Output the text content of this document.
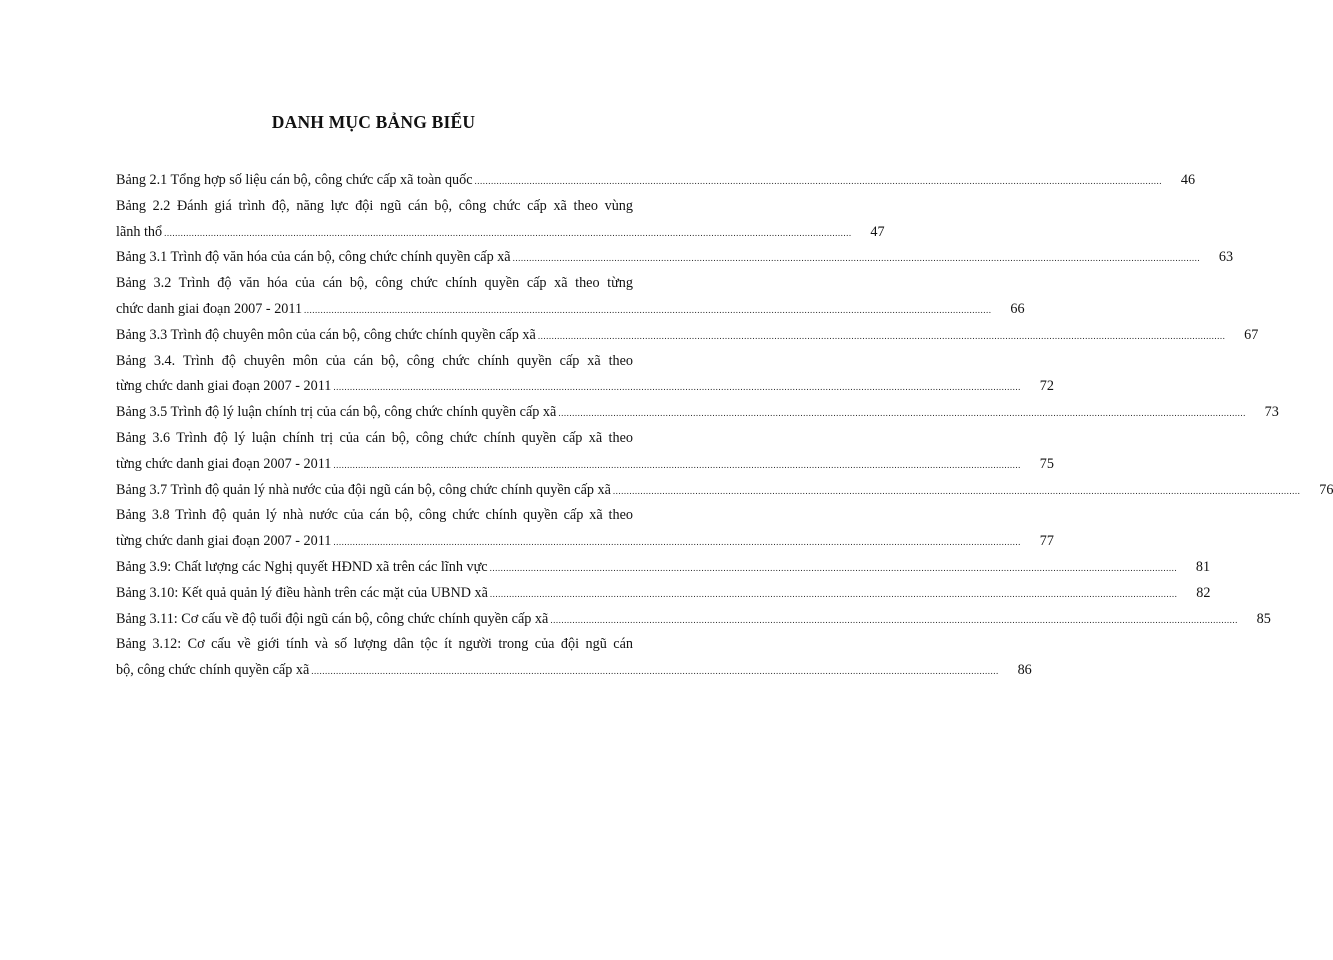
DANH MỤC BẢNG BIỂU
Bảng 2.1 Tổng hợp số liệu cán bộ, công chức cấp xã toàn quốc .....	46
Bảng 2.2 Đánh giá trình độ, năng lực đội ngũ cán bộ, công chức cấp xã theo vùng
lãnh thổ .....	47
Bảng 3.1 Trình độ văn hóa của cán bộ, công chức chính quyền cấp xã .....	63
Bảng 3.2 Trình độ văn hóa của cán bộ, công chức chính quyền cấp xã theo từng
chức danh giai đoạn 2007 - 2011 .....	66
Bảng 3.3 Trình độ chuyên môn của cán bộ, công chức chính quyền cấp xã .....	67
Bảng 3.4. Trình độ chuyên môn của cán bộ, công chức chính quyền cấp xã theo
từng chức danh giai đoạn 2007 - 2011 .....	72
Bảng 3.5 Trình độ lý luận chính trị của cán bộ, công chức chính quyền cấp xã .....	73
Bảng 3.6 Trình độ lý luận chính trị của cán bộ, công chức chính quyền cấp xã theo
từng chức danh giai đoạn 2007 - 2011 .....	75
Bảng 3.7 Trình độ quản lý nhà nước của đội ngũ cán bộ, công chức chính quyền cấp xã .....	76
Bảng 3.8 Trình độ quản lý nhà nước của cán bộ, công chức chính quyền cấp xã theo
từng chức danh giai đoạn 2007 - 2011 .....	77
Bảng 3.9: Chất lượng các Nghị quyết HĐND xã trên các lĩnh vực .....	81
Bảng 3.10: Kết quả quản lý điều hành trên các mặt của UBND xã .....	82
Bảng 3.11: Cơ cấu về độ tuổi đội ngũ cán bộ, công chức chính quyền cấp xã .....	85
Bảng 3.12: Cơ cấu về giới tính và số lượng dân tộc ít người trong của đội ngũ cán
bộ, công chức chính quyền cấp xã .....	86
